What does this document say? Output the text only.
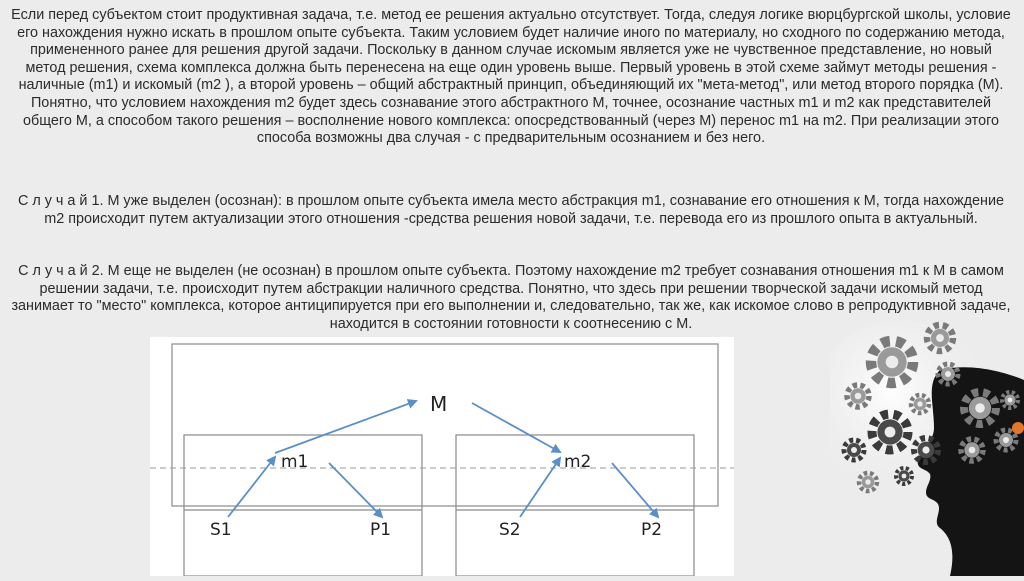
Если перед субъектом стоит продуктивная задача, т.е. метод ее решения актуально отсутствует. Тогда, следуя логике вюрцбургской школы, условие его нахождения нужно искать в прошлом опыте субъекта. Таким условием будет наличие иного по материалу, но сходного по содержанию метода, примененного ранее для решения другой задачи. Поскольку в данном случае искомым является уже не чувственное представление, но новый метод решения, схема комплекса должна быть перенесена на еще один уровень выше. Первый уровень в этой схеме займут методы решения - наличные (m1) и искомый (m2 ), а второй уровень – общий абстрактный принцип, объединяющий их "мета-метод", или метод второго порядка (М). Понятно, что условием нахождения m2 будет здесь сознавание этого абстрактного М, точнее, осознание частных m1 и m2 как представителей общего М, а способом такого решения – восполнение нового комплекса: опосредствованный (через М) перенос m1 на m2. При реализации этого способа возможны два случая - с предварительным осознанием и без него.
С л у ч а й 1. М уже выделен (осознан): в прошлом опыте субъекта имела место абстракция m1, сознавание его отношения к М, тогда нахождение m2 происходит путем актуализации этого отношения -средства решения новой задачи, т.е. перевода его из прошлого опыта в актуальный.
С л у ч а й 2. М еще не выделен (не осознан) в прошлом опыте субъекта. Поэтому нахождение m2 требует сознавания отношения m1 к М в самом решении задачи, т.е. происходит путем абстракции наличного средства. Понятно, что здесь при решении творческой задачи искомый метод занимает то "место" комплекса, которое антиципируется при его выполнении и, следовательно, так же, как искомое слово в репродуктивной задаче, находится в состоянии готовности к соотнесению с М.
M
m1	m2
S1	P1	S2	P2
